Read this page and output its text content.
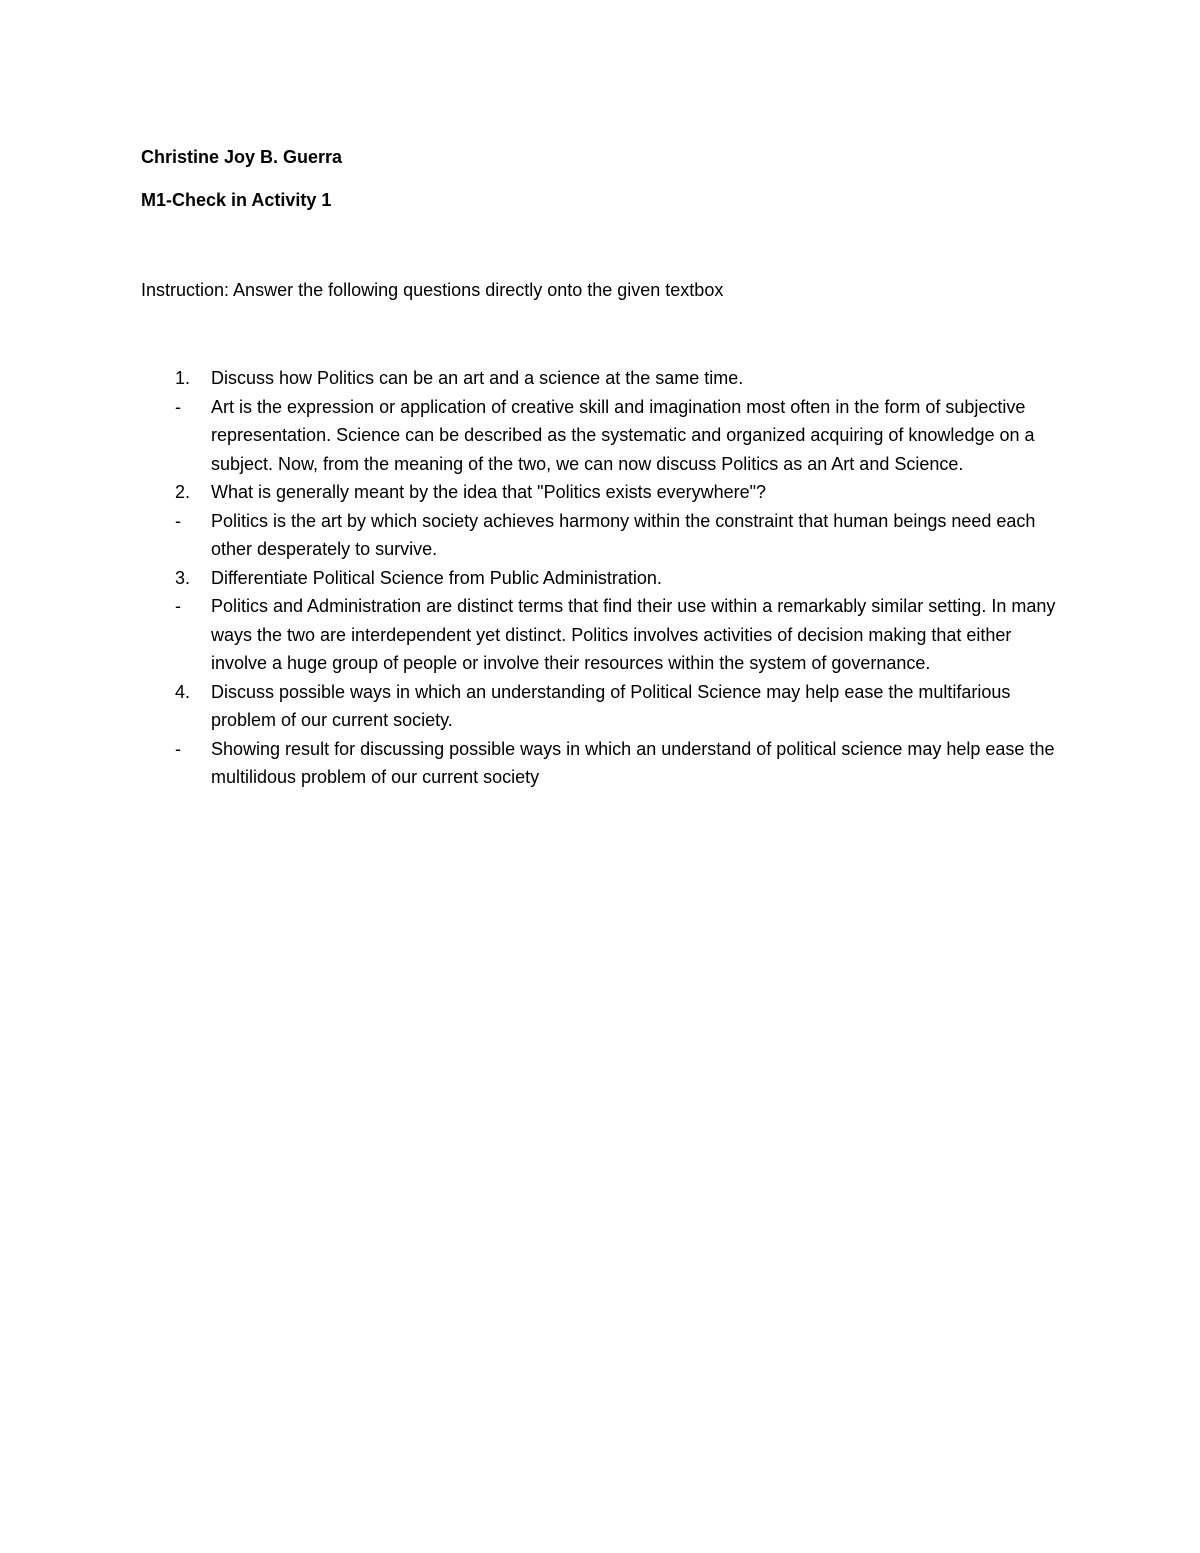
Christine Joy B. Guerra
M1-Check in Activity 1
Instruction: Answer the following questions directly onto the given textbox
1.	Discuss how Politics can be an art and a science at the same time.
-	Art is the expression or application of creative skill and imagination most often in the form of subjective representation. Science can be described as the systematic and organized acquiring of knowledge on a subject. Now, from the meaning of the two, we can now discuss Politics as an Art and Science.
2.	What is generally meant by the idea that "Politics exists everywhere"?
-	Politics is the art by which society achieves harmony within the constraint that human beings need each other desperately to survive.
3.	Differentiate Political Science from Public Administration.
-	Politics and Administration are distinct terms that find their use within a remarkably similar setting. In many ways the two are interdependent yet distinct. Politics involves activities of decision making that either involve a huge group of people or involve their resources within the system of governance.
4.	Discuss possible ways in which an understanding of Political Science may help ease the multifarious problem of our current society.
-	Showing result for discussing possible ways in which an understand of political science may help ease the multilidous problem of our current society
